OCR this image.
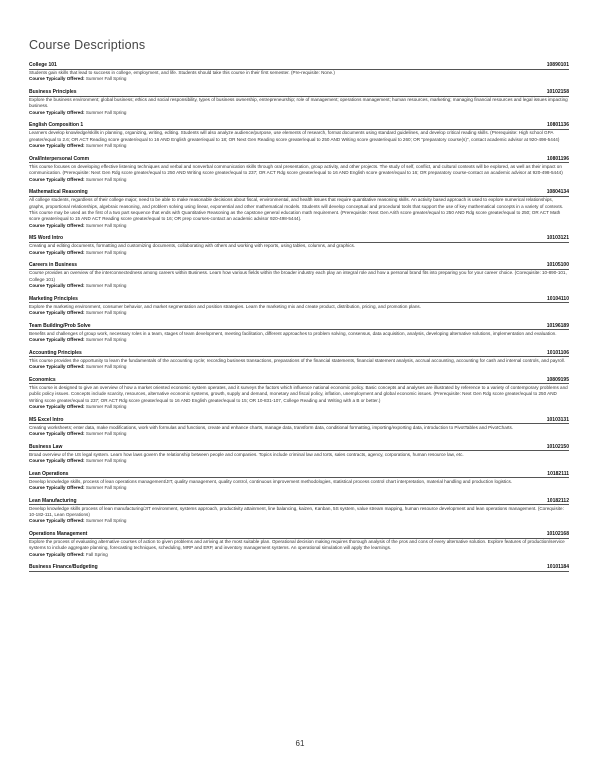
Course Descriptions
College 101	10890101
Students gain skills that lead to success in college, employment, and life. Students should take this course in their first semester. (Pre-requisite: None.)
Course Typically Offered: Summer Fall Spring
Business Principles	10102158
Explore the business environment; global business; ethics and social responsibility, types of business ownership, entrepreneurship; role of management; operations management; human resources, marketing; managing financial resources and legal issues impacting business.
Course Typically Offered: Summer Fall Spring
English Composition 1	10801136
Learners develop knowledge/skills in planning, organizing, writing, editing. Students will also analyze audience/purpose, use elements of research, format documents using standard guidelines, and develop critical reading skills. (Prerequisite: High school GPA greater/equal to 2.6; OR ACT Reading score greater/equal to 16 AND English greater/equal to 18; OR Next Gen Reading score greater/equal to 250 AND Writing score greater/equal to 260; OR "preparatory course(s)", contact academic advisor at 920-498-5444)
Course Typically Offered: Summer Fall Spring
Oral/Interpersonal Comm	10801196
This course focuses on developing effective listening techniques and verbal and nonverbal communication skills through oral presentation, group activity, and other projects. The study of self, conflict, and cultural contexts will be explored, as well as their impact on communication. (Prerequisite: Next Gen Rdg score greater/equal to 250 AND Writing score greater/equal to 237; OR ACT Rdg score greater/equal to 16 AND English score greater/equal to 16; OR preparatory course-contact an academic advisor at 920-498-5444)
Course Typically Offered: Summer Fall Spring
Mathematical Reasoning	10804134
All college students, regardless of their college major, need to be able to make reasonable decisions about fiscal, environmental, and health issues that require quantitative reasoning skills. An activity based approach is used to explore numerical relationships, graphs, proportional relationships, algebraic reasoning, and problem solving using linear, exponential and other mathematical models. Students will develop conceptual and procedural tools that support the use of key mathematical concepts in a variety of contexts. This course may be used as the first of a two part sequence that ends with Quantitative Reasoning as the capstone general education math requirement. (Prerequisite: Next Gen Arith score greater/equal to 250 AND Rdg score greater/equal to 250; OR ACT Math score greater/equal to 15 AND ACT Reading score greater/equal to 16; OR prep courses-contact an academic advisor 920-498-5444).
Course Typically Offered: Summer Fall Spring
MS Word Intro	10103121
Creating and editing documents, formatting and customizing documents, collaborating with others and working with reports, using tables, columns, and graphics.
Course Typically Offered: Summer Fall Spring
Careers in Business	10105100
Course provides an overview of the interconnectedness among careers within Business. Learn how various fields within the broader industry each play an integral role and how a personal brand fits into preparing you for your career choice. (Corequisite: 10-890-101, College 101)
Course Typically Offered: Summer Fall Spring
Marketing Principles	10104110
Explore the marketing environment, consumer behavior, and market segmentation and position strategies. Learn the marketing mix and create product, distribution, pricing, and promotion plans.
Course Typically Offered: Summer Fall Spring
Team Building/Prob Solve	10196189
Benefits and challenges of group work, necessary roles in a team, stages of team development, meeting facilitation, different approaches to problem solving, consensus, data acquisition, analysis, developing alternative solutions, implementation and evaluation.
Course Typically Offered: Summer Fall Spring
Accounting Principles	10101106
This course provides the opportunity to learn the fundamentals of the accounting cycle; recording business transactions, preparations of the financial statements, financial statement analysis, accrual accounting, accounting for cash and internal controls, and payroll.
Course Typically Offered: Summer Fall Spring
Economics	10809195
This course is designed to give an overview of how a market oriented economic system operates, and it surveys the factors which influence national economic policy. Basic concepts and analyses are illustrated by reference to a variety of contemporary problems and public policy issues. Concepts include scarcity, resources, alternative economic systems, growth, supply and demand, monetary and fiscal policy, inflation, unemployment and global economic issues. (Prerequisite: Next Gen Rdg score greater/equal to 250 AND Writing score greater/equal to 237; OR ACT Rdg score greater/equal to 16 AND English greater/equal to 15; OR 10-831-107, College Reading and Writing with a B or better.)
Course Typically Offered: Summer Fall Spring
MS Excel Intro	10103131
Creating worksheets; enter data, make modifications, work with formulas and functions, create and enhance charts, manage data, transform data, conditional formatting, importing/exporting data, introduction to PivotTables and PivotCharts.
Course Typically Offered: Summer Fall Spring
Business Law	10102150
Broad overview of the US legal system. Learn how laws govern the relationship between people and companies. Topics include criminal law and torts, sales contracts, agency, corporations, human resource law, etc.
Course Typically Offered: Summer Fall Spring
Lean Operations	10182111
Develop knowledge skills, process of lean operations management/JIT, quality management, quality control, continuous improvement methodologies, statistical process control chart interpretation, material handling and production logistics.
Course Typically Offered: Summer Fall Spring
Lean Manufacturing	10182112
Develop knowledge skills process of lean manufacturing/JIT environment, systems approach, productivity attainment, line balancing, kaizen, Kanban, 5S system, value stream mapping, human resource development and lean operations management. (Corequisite: 10-182-111, Lean Operations)
Course Typically Offered: Summer Fall Spring
Operations Management	10102168
Explore the process of evaluating alternative courses of action to given problems and arriving at the most suitable plan. Operational decision making requires thorough analysis of the pros and cons of every alternative solution. Explore features of production/service systems to include aggregate planning, forecasting techniques, scheduling, MRP and ERP, and inventory management systems. An operational simulation will apply the learnings.
Course Typically Offered: Fall Spring
Business Finance/Budgeting	10101184
61
